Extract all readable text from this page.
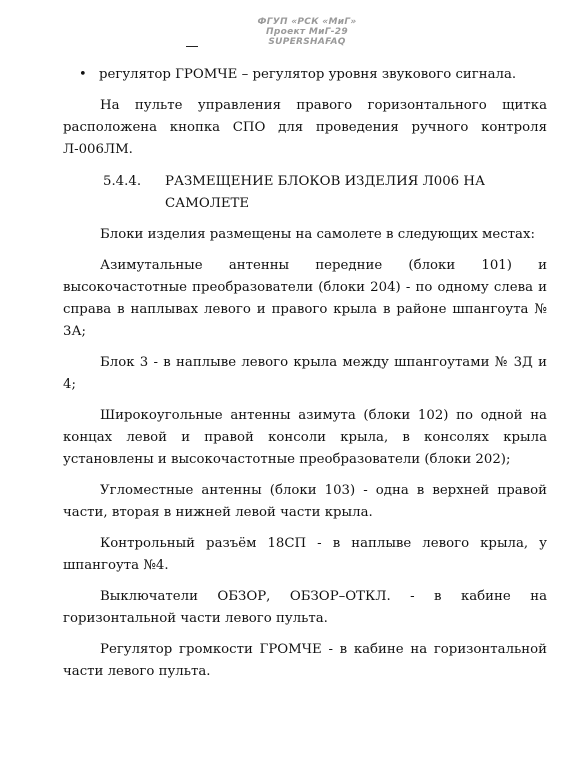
ФГУП «РСК «МиГ»
Проект МиГ-29
SUPERSHAFAQ
• регулятор ГРОМЧЕ – регулятор уровня звукового сигнала.
На пульте управления правого горизонтального щитка расположена кнопка СПО для проведения ручного контроля Л-006ЛМ.
5.4.4.	РАЗМЕЩЕНИЕ БЛОКОВ ИЗДЕЛИЯ Л006 НА САМОЛЕТЕ
Блоки изделия размещены на самолете в следующих местах:
Азимутальные антенны передние (блоки 101) и высокочастотные преобразователи (блоки 204) - по одному слева и справа в наплывах левого и правого крыла в районе шпангоута № 3А;
Блок 3 - в наплыве левого крыла между шпангоутами № 3Д и 4;
Широкоугольные антенны азимута (блоки 102) по одной на концах левой и правой консоли крыла, в консолях крыла установлены и высокочастотные преобразователи (блоки 202);
Угломестные антенны (блоки 103) - одна в верхней правой части, вторая в нижней левой части крыла.
Контрольный разъём 18СП - в наплыве левого крыла, у шпангоута №4.
Выключатели ОБЗОР, ОБЗОР–ОТКЛ. - в кабине на горизонтальной части левого пульта.
Регулятор громкости ГРОМЧЕ - в кабине на горизонтальной части левого пульта.
